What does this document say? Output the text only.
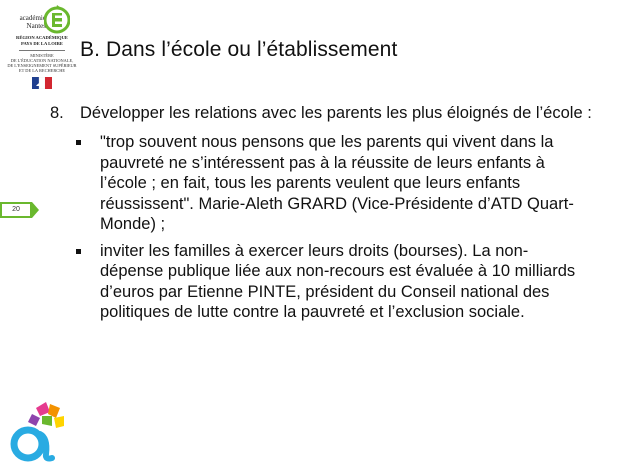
académie
Nantes
RÉGION ACADÉMIQUE
PAYS DE LA LOIRE
MINISTÈRE
DE L'ÉDUCATION NATIONALE,
DE L'ENSEIGNEMENT SUPÉRIEUR
ET DE LA RECHERCHE
B. Dans l’école ou l’établissement
20
8. Développer les relations avec les parents les plus éloignés de l’école :
"trop souvent nous pensons que les parents qui vivent dans la pauvreté ne s’intéressent pas à la réussite de leurs enfants à l’école ; en fait, tous les parents veulent que leurs enfants réussissent". Marie-Aleth GRARD (Vice-Présidente d’ATD Quart-Monde) ;
inviter les familles à exercer leurs droits (bourses). La non-dépense publique liée aux non-recours est évaluée à 10 milliards d’euros par Etienne PINTE, président du Conseil national des politiques de lutte contre la pauvreté et l’exclusion sociale.
